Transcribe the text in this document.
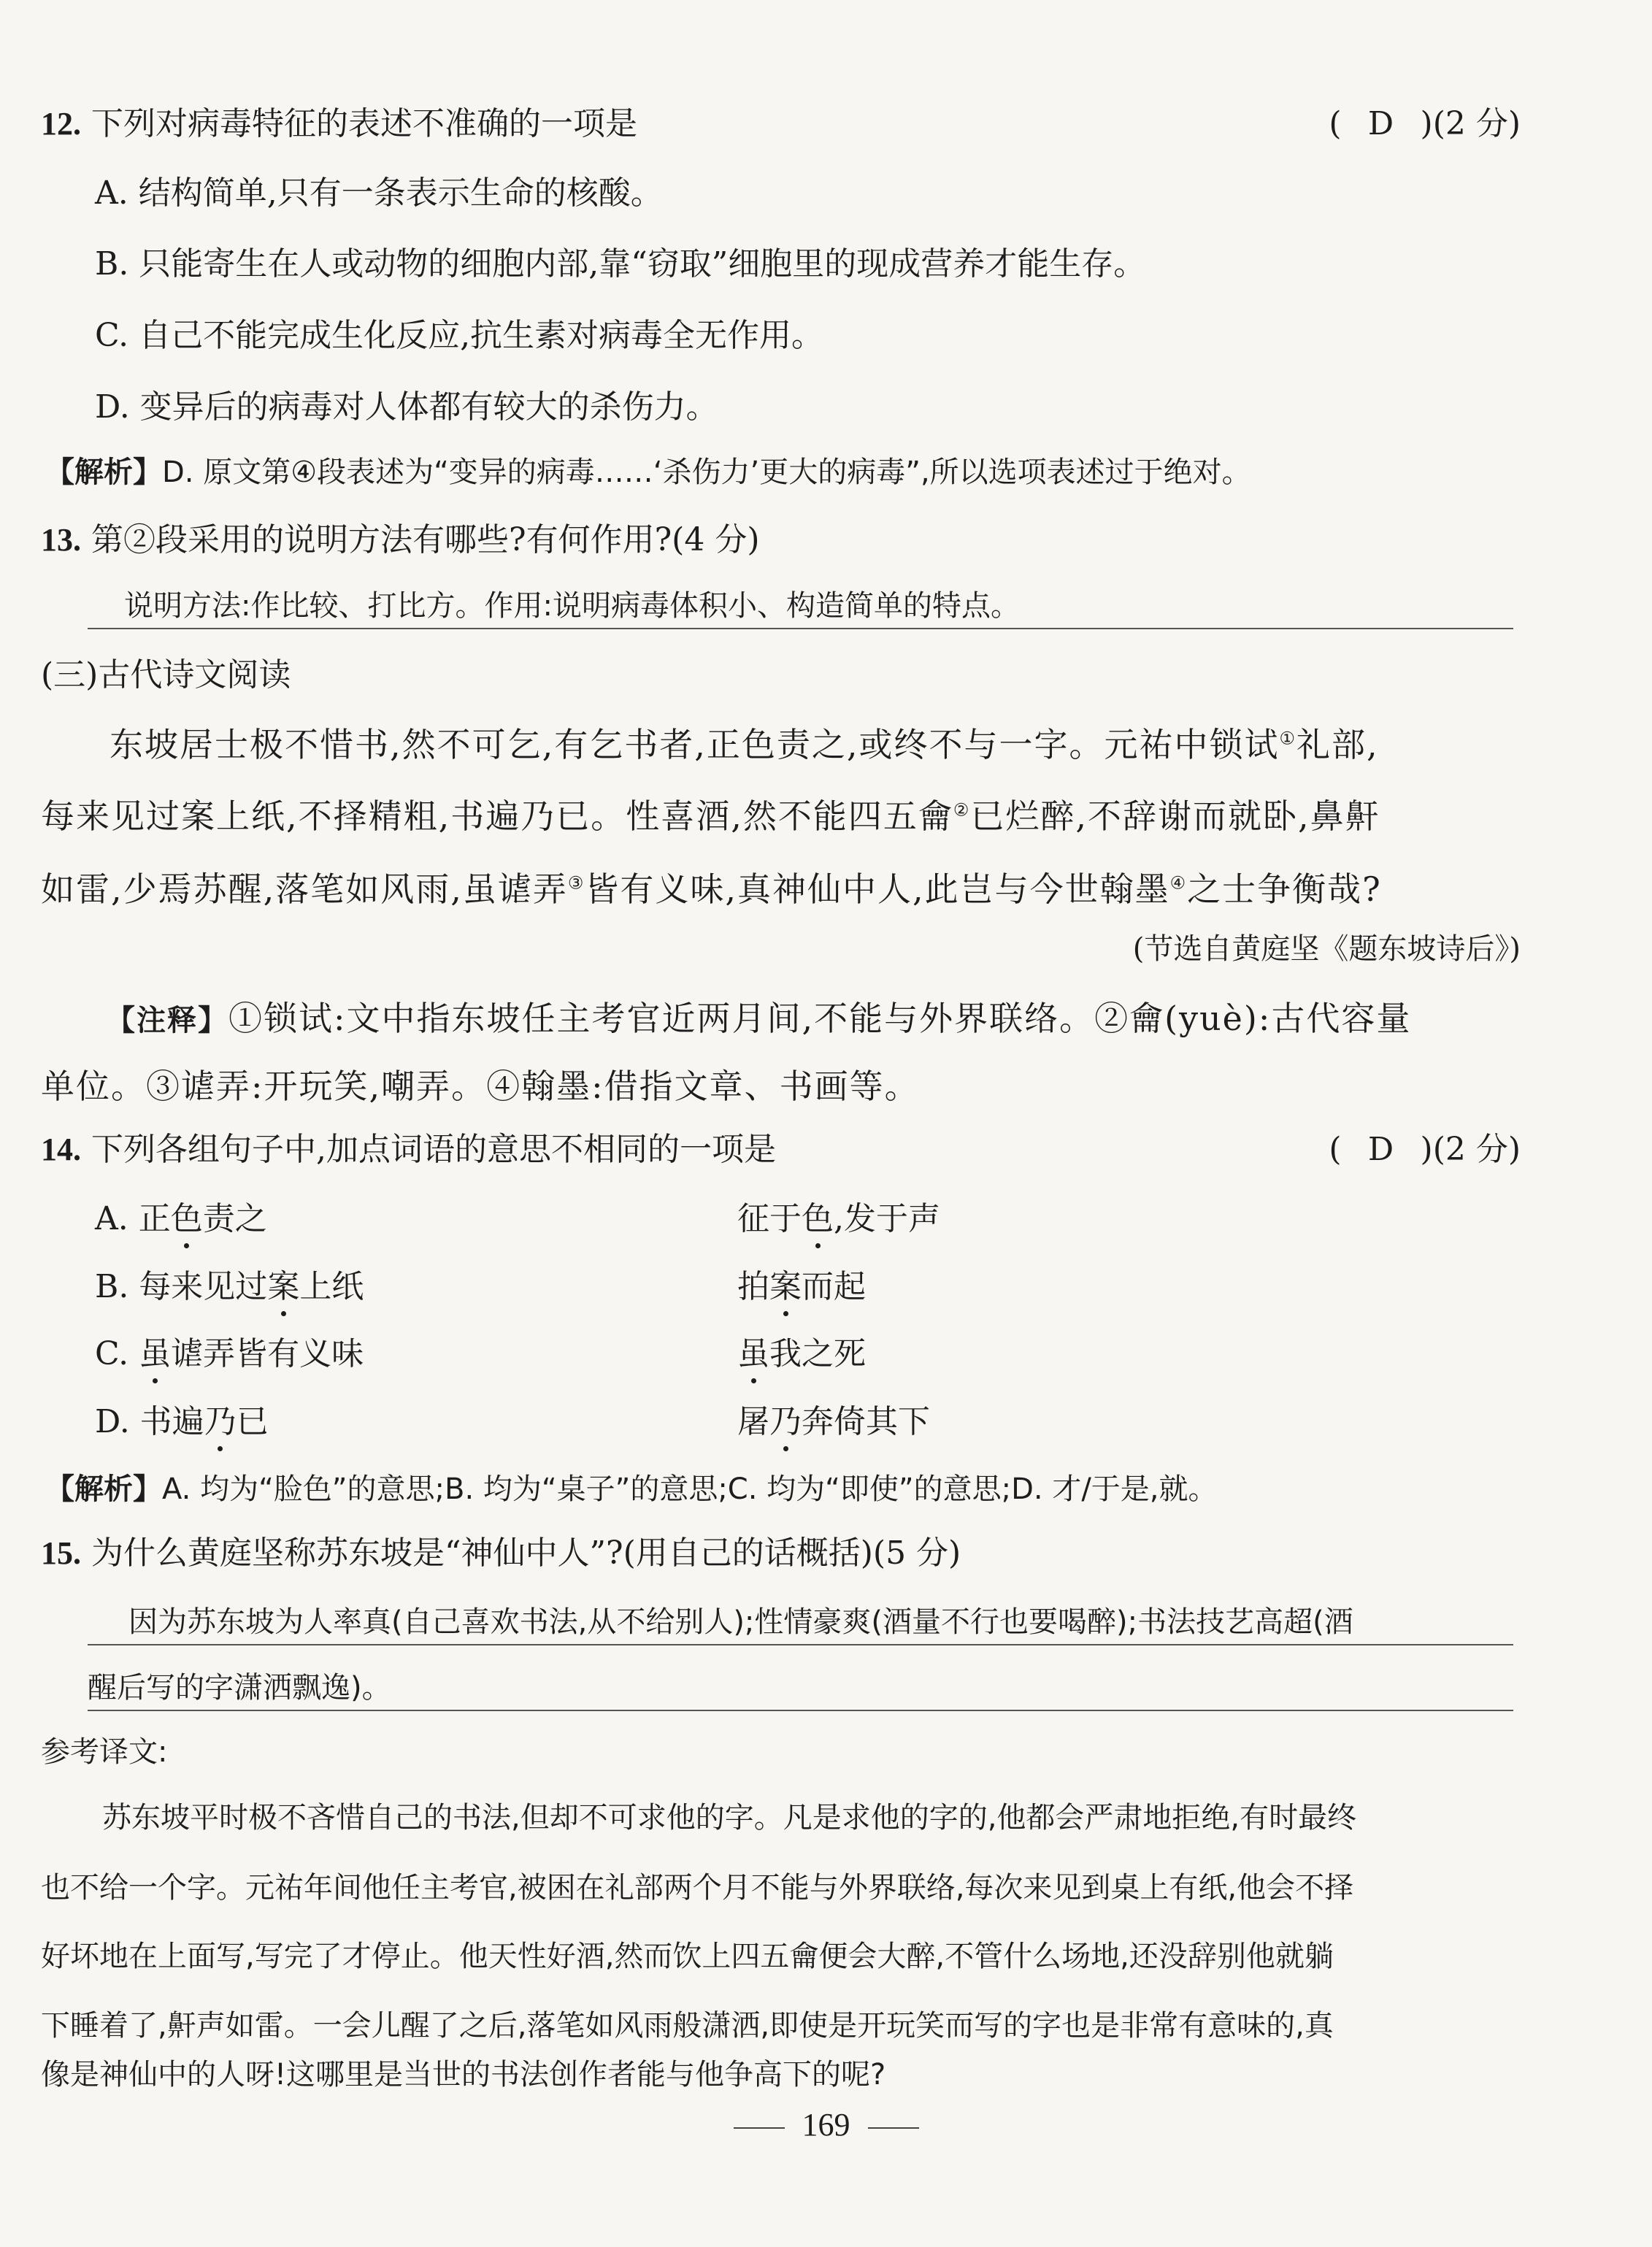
12. 下列对病毒特征的表述不准确的一项是	( D )(2 分)
A. 结构简单,只有一条表示生命的核酸。
B. 只能寄生在人或动物的细胞内部,靠“窃取”细胞里的现成营养才能生存。
C. 自己不能完成生化反应,抗生素对病毒全无作用。
D. 变异后的病毒对人体都有较大的杀伤力。
【解析】D. 原文第④段表述为“变异的病毒……‘杀伤力’更大的病毒”,所以选项表述过于绝对。
13. 第②段采用的说明方法有哪些?有何作用?(4 分)
说明方法:作比较、打比方。作用:说明病毒体积小、构造简单的特点。
(三)古代诗文阅读
东坡居士极不惜书,然不可乞,有乞书者,正色责之,或终不与一字。元祐中锁试①礼部,
每来见过案上纸,不择精粗,书遍乃已。性喜酒,然不能四五龠②已烂醉,不辞谢而就卧,鼻鼾
如雷,少焉苏醒,落笔如风雨,虽谑弄③皆有义味,真神仙中人,此岂与今世翰墨④之士争衡哉?
(节选自黄庭坚《题东坡诗后》)
【注释】①锁试:文中指东坡任主考官近两月间,不能与外界联络。②龠(yuè):古代容量
单位。③谑弄:开玩笑,嘲弄。④翰墨:借指文章、书画等。
14. 下列各组句子中,加点词语的意思不相同的一项是	( D )(2 分)
A. 正色责之	征于色,发于声
B. 每来见过案上纸	拍案而起
C. 虽谑弄皆有义味	虽我之死
D. 书遍乃已	屠乃奔倚其下
【解析】A. 均为“脸色”的意思;B. 均为“桌子”的意思;C. 均为“即使”的意思;D. 才/于是,就。
15. 为什么黄庭坚称苏东坡是“神仙中人”?(用自己的话概括)(5 分)
因为苏东坡为人率真(自己喜欢书法,从不给别人);性情豪爽(酒量不行也要喝醉);书法技艺高超(酒
醒后写的字潇洒飘逸)。
参考译文:
苏东坡平时极不吝惜自己的书法,但却不可求他的字。凡是求他的字的,他都会严肃地拒绝,有时最终
也不给一个字。元祐年间他任主考官,被困在礼部两个月不能与外界联络,每次来见到桌上有纸,他会不择
好坏地在上面写,写完了才停止。他天性好酒,然而饮上四五龠便会大醉,不管什么场地,还没辞别他就躺
下睡着了,鼾声如雷。一会儿醒了之后,落笔如风雨般潇洒,即使是开玩笑而写的字也是非常有意味的,真
像是神仙中的人呀!这哪里是当世的书法创作者能与他争高下的呢?
169
